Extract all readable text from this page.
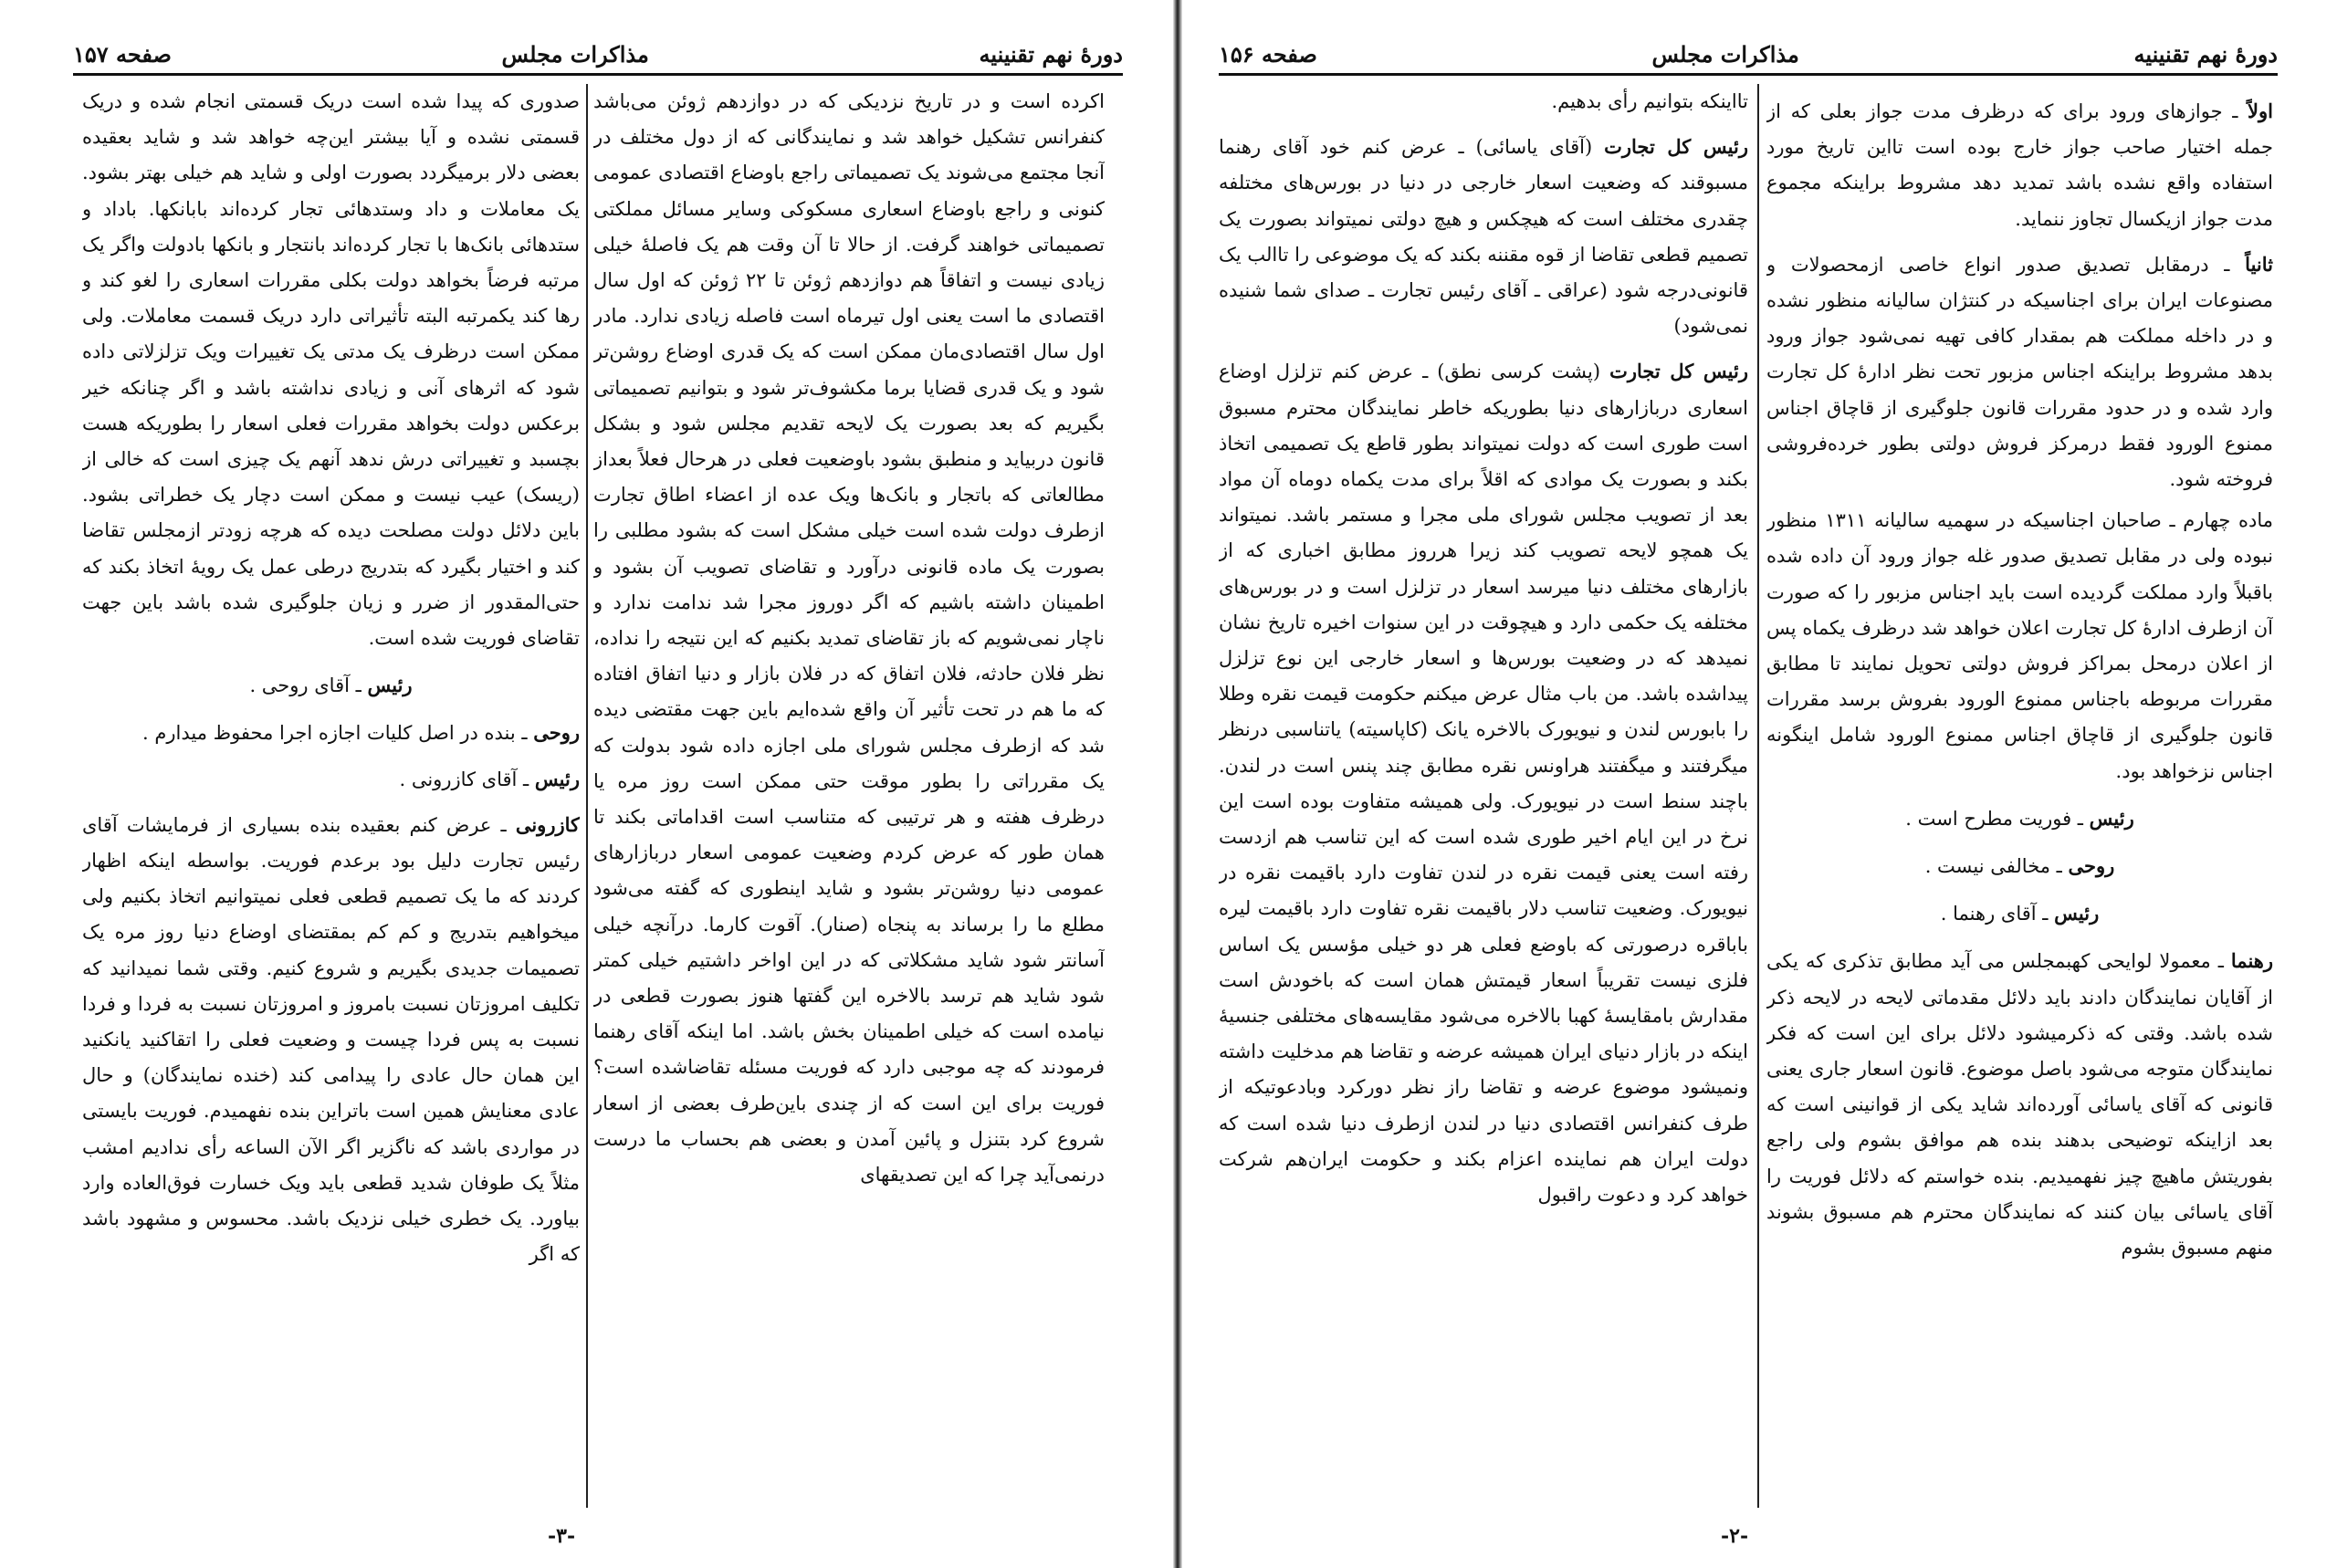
صفحه ۱۵۷	مذاکرات مجلس	دورهٔ نهم تقنینیه

اکرده است و در تاریخ نزدیکی که در دوازدهم ژوئن می‌باشد کنفرانس تشکیل خواهد شد و نمایندگانی که از دول مختلف در آنجا مجتمع می‌شوند یک تصمیماتی راجع باوضاع اقتصادی عمومی کنونی و راجع باوضاع اسعاری مسکوکی وسایر مسائل مملکتی تصمیماتی خواهند گرفت. از حالا تا آن وقت هم یک فاصلهٔ خیلی زیادی نیست و اتفاقاً هم دوازدهم ژوئن تا ۲۲ ژوئن که اول سال اقتصادی ما است یعنی اول تیرماه است فاصله زیادی ندارد. مادر اول سال اقتصادی‌مان ممکن است که یک قدری اوضاع روشن‌تر شود و یک قدری قضایا برما مکشوف‌تر شود و بتوانیم تصمیماتی بگیریم که بعد بصورت یک لایحه تقدیم مجلس شود و بشکل قانون دربیاید و منطبق بشود باوضعیت فعلی در هرحال فعلاً بعداز مطالعاتی که باتجار و بانک‌ها ویک عده از اعضاء اطاق تجارت ازطرف دولت شده است خیلی مشکل است که بشود مطلبی را بصورت یک ماده قانونی درآورد و تقاضای تصویب آن بشود و اطمینان داشته باشیم که اگر دوروز مجرا شد ندامت ندارد و ناچار نمی‌شویم که باز تقاضای تمدید بکنیم که این نتیجه را نداده، نظر فلان حادثه، فلان اتفاق که در فلان بازار و دنیا اتفاق افتاده که ما هم در تحت تأثیر آن واقع شده‌ایم باین جهت مقتضی دیده شد که ازطرف مجلس شورای ملی اجازه داده شود بدولت که یک مقرراتی را بطور موقت حتی ممکن است روز مره یا درظرف هفته و هر ترتیبی که متناسب است اقداماتی بکند تا همان طور که عرض کردم وضعیت عمومی اسعار دربازارهای عمومی دنیا روشن‌تر بشود و شاید اینطوری که گفته می‌شود مطلع ما را برساند به پنجاه (صنار). آقوت کارما. درآنچه خیلی آسانتر شود شاید مشکلاتی که در این اواخر داشتیم خیلی کمتر شود شاید هم ترسد بالاخره این گفتها هنوز بصورت قطعی در نیامده است که خیلی اطمینان بخش باشد. اما اینکه آقای رهنما فرمودند که چه موجبی دارد که فوریت مسئله تقاضاشده است؟ فوریت برای این است که از چندی باین‌طرف بعضی از اسعار شروع کرد بتنزل و پائین آمدن و بعضی هم بحساب ما درست درنمی‌آید چرا که این تصدیقهای

صدوری که پیدا شده است دریک قسمتی انجام شده و دریک قسمتی نشده و آیا بیشتر این‌چه خواهد شد و شاید بعقیده بعضی دلار برمیگردد بصورت اولی و شاید هم خیلی بهتر بشود. یک معاملات و داد وستدهائی تجار کرده‌اند بابانکها. باداد و ستدهائی بانک‌ها با تجار کرده‌اند بانتجار و بانکها بادولت واگر یک مرتبه فرضاً بخواهد دولت بکلی مقررات اسعاری را لغو کند و رها کند یکمرتبه البته تأثیراتی دارد دریک قسمت معاملات. ولی ممکن است درظرف یک مدتی یک تغییرات ویک تزلزلاتی داده شود که اثرهای آنی و زیادی نداشته باشد و اگر چنانکه خیر برعکس دولت بخواهد مقررات فعلی اسعار را بطوریکه هست بچسبد و تغییراتی درش ندهد آنهم یک چیزی است که خالی از (ریسک) عیب نیست و ممکن است دچار یک خطراتی بشود. باین دلائل دولت مصلحت دیده که هرچه زودتر ازمجلس تقاضا کند و اختیار بگیرد که بتدریج درطی عمل یک رویهٔ اتخاذ بکند که حتی‌المقدور از ضرر و زیان جلوگیری شده باشد باین جهت تقاضای فوریت شده است.

رئیس ـ آقای روحی .

روحی ـ بنده در اصل کلیات اجازه اجرا محفوظ میدارم .

رئیس ـ آقای کازرونی .

کازرونی ـ عرض کنم بعقیده بنده بسیاری از فرمایشات آقای رئیس تجارت دلیل بود برعدم فوریت. بواسطه اینکه اظهار کردند که ما یک تصمیم قطعی فعلی نمیتوانیم اتخاذ بکنیم ولی میخواهیم بتدریج و کم کم بمقتضای اوضاع دنیا روز مره یک تصمیمات جدیدی بگیریم و شروع کنیم. وقتی شما نمیدانید که تکلیف امروزتان نسبت بامروز و امروزتان نسبت به فردا و فردا نسبت به پس فردا چیست و وضعیت فعلی را اتقاکنید یانکنید این همان حال عادی را پیدامی کند (خنده نمایندگان) و حال عادی معنایش همین است باتراین بنده نفهمیدم. فوریت بایستی در مواردی باشد که ناگزیر اگر الآن الساعه رأی ندادیم امشب مثلاً یک طوفان شدید قطعی باید ویک خسارت فوق‌العاده وارد بیاورد. یک خطری خیلی نزدیک باشد. محسوس و مشهود باشد که اگر

-۳-
صفحه ۱۵۶	مذاکرات مجلس	دورهٔ نهم تقنینیه

اولاً ـ جوازهای ورود برای که درظرف مدت جواز بعلی که از جمله اختیار صاحب جواز خارج بوده است تااین تاریخ مورد استفاده واقع نشده باشد تمدید دهد مشروط براینکه مجموع مدت جواز ازیکسال تجاوز ننماید.

ثانیاً ـ درمقابل تصدیق صدور انواع خاصی ازمحصولات و مصنوعات ایران برای اجناسیکه در کنتژان سالیانه منظور نشده و در داخله مملکت هم بمقدار کافی تهیه نمی‌شود جواز ورود بدهد مشروط براینکه اجناس مزبور تحت نظر ادارهٔ کل تجارت وارد شده و در حدود مقررات قانون جلوگیری از قاچاق اجناس ممنوع الورود فقط درمرکز فروش دولتی بطور خرده‌فروشی فروخته شود.

ماده چهارم ـ صاحبان اجناسیکه در سهمیه سالیانه ۱۳۱۱ منظور نبوده ولی در مقابل تصدیق صدور غله جواز ورود آن داده شده باقبلاً وارد مملکت گردیده است باید اجناس مزبور را که صورت آن ازطرف ادارهٔ کل تجارت اعلان خواهد شد درظرف یکماه پس از اعلان درمحل بمراکز فروش دولتی تحویل نمایند تا مطابق مقررات مربوطه باجناس ممنوع الورود بفروش برسد مقررات قانون جلوگیری از قاچاق اجناس ممنوع الورود شامل اینگونه اجناس نزخواهد بود.

رئیس ـ فوریت مطرح است .

روحی ـ مخالفی نیست .

رئیس ـ آقای رهنما .

رهنما ـ معمولا لوایحی کهبمجلس می آید مطابق تذکری که یکی از آقایان نمایندگان دادند باید دلائل مقدماتی لایحه در لایحه ذکر شده باشد. وقتی که ذکرمیشود دلائل برای این است که فکر نمایندگان متوجه می‌شود باصل موضوع. قانون اسعار جاری یعنی قانونی که آقای یاسائی آورده‌اند شاید یکی از قوانینی است که بعد ازاینکه توضیحی بدهند بنده هم موافق بشوم ولی راجع بفوریتش ماهیچ چیز نفهمیدیم. بنده خواستم که دلائل فوریت را آقای یاسائی بیان کنند که نمایندگان محترم هم مسبوق بشوند منهم مسبوق بشوم

تااینکه بتوانیم رأی بدهیم.

رئیس کل تجارت (آقای یاسائی) ـ عرض کنم خود آقای رهنما مسبوقند که وضعیت اسعار خارجی در دنیا در بورس‌های مختلفه چقدری مختلف است که هیچکس و هیچ دولتی نمیتواند بصورت یک تصمیم قطعی تقاضا از قوه مقننه بکند که یک موضوعی را تاالب یک قانونی‌درجه شود (عراقی ـ آقای رئیس تجارت ـ صدای شما شنیده نمی‌شود)

رئیس کل تجارت (پشت کرسی نطق) ـ عرض کنم تزلزل اوضاع اسعاری دربازارهای دنیا بطوریکه خاطر نمایندگان محترم مسبوق است طوری است که دولت نمیتواند بطور قاطع یک تصمیمی اتخاذ بکند و بصورت یک موادی که اقلاً برای مدت یکماه دوماه آن مواد بعد از تصویب مجلس شورای ملی مجرا و مستمر باشد. نمیتواند یک همچو لایحه تصویب کند زیرا هرروز مطابق اخباری که از بازارهای مختلف دنیا میرسد اسعار در تزلزل است و در بورس‌های مختلفه یک حکمی دارد و هیچوقت در این سنوات اخیره تاریخ نشان نمیدهد که در وضعیت بورس‌ها و اسعار خارجی این نوع تزلزل پیداشده باشد. من باب مثال عرض میکنم حکومت قیمت نقره وطلا را بابورس لندن و نیویورک بالاخره یانک (کاپاسیته) یاتناسبی درنظر میگرفتند و میگفتند هراونس نقره مطابق چند پنس است در لندن. باچند سنط است در نیویورک. ولی همیشه متفاوت بوده است این نرخ در این ایام اخیر طوری شده است که این تناسب هم ازدست رفته است یعنی قیمت نقره در لندن تفاوت دارد باقیمت نقره در نیویورک. وضعیت تناسب دلار باقیمت نقره تفاوت دارد باقیمت لیره باباقره درصورتی که باوضع فعلی هر دو خیلی مؤسس یک اساس فلزی نیست تقریباً اسعار قیمتش همان است که باخودش است مقدارش بامقایسهٔ کهبا بالاخره می‌شود مقایسه‌های مختلفی جنسیهٔ اینکه در بازار دنیای ایران همیشه عرضه و تقاضا هم مدخلیت داشته ونمیشود موضوع عرضه و تقاضا راز نظر دورکرد وبادعوتیکه از طرف کنفرانس اقتصادی دنیا در لندن ازطرف دنیا شده است که دولت ایران هم نماینده اعزام بکند و حکومت ایران‌هم شرکت خواهد کرد و دعوت راقبول

-۲-
